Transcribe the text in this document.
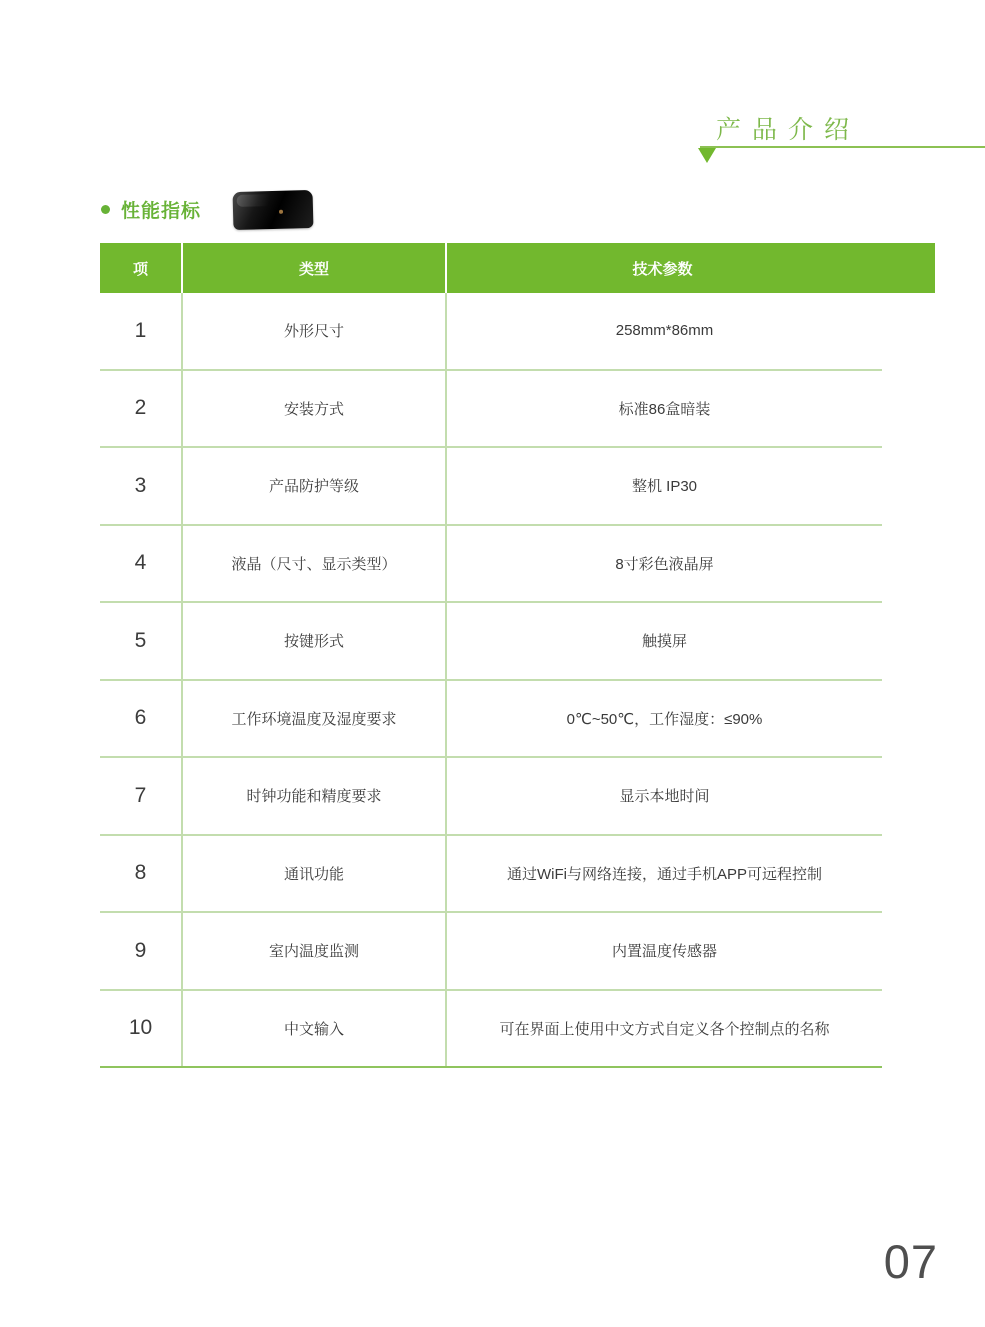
产品介绍
性能指标
项	类型	技术参数
1	外形尺寸	258mm*86mm
2	安装方式	标准86盒暗装
3	产品防护等级	整机 IP30
4	液晶（尺寸、显示类型）	8寸彩色液晶屏
5	按键形式	触摸屏
6	工作环境温度及湿度要求	0℃~50℃，工作湿度：≤90%
7	时钟功能和精度要求	显示本地时间
8	通讯功能	通过WiFi与网络连接，通过手机APP可远程控制
9	室内温度监测	内置温度传感器
10	中文输入	可在界面上使用中文方式自定义各个控制点的名称
07
